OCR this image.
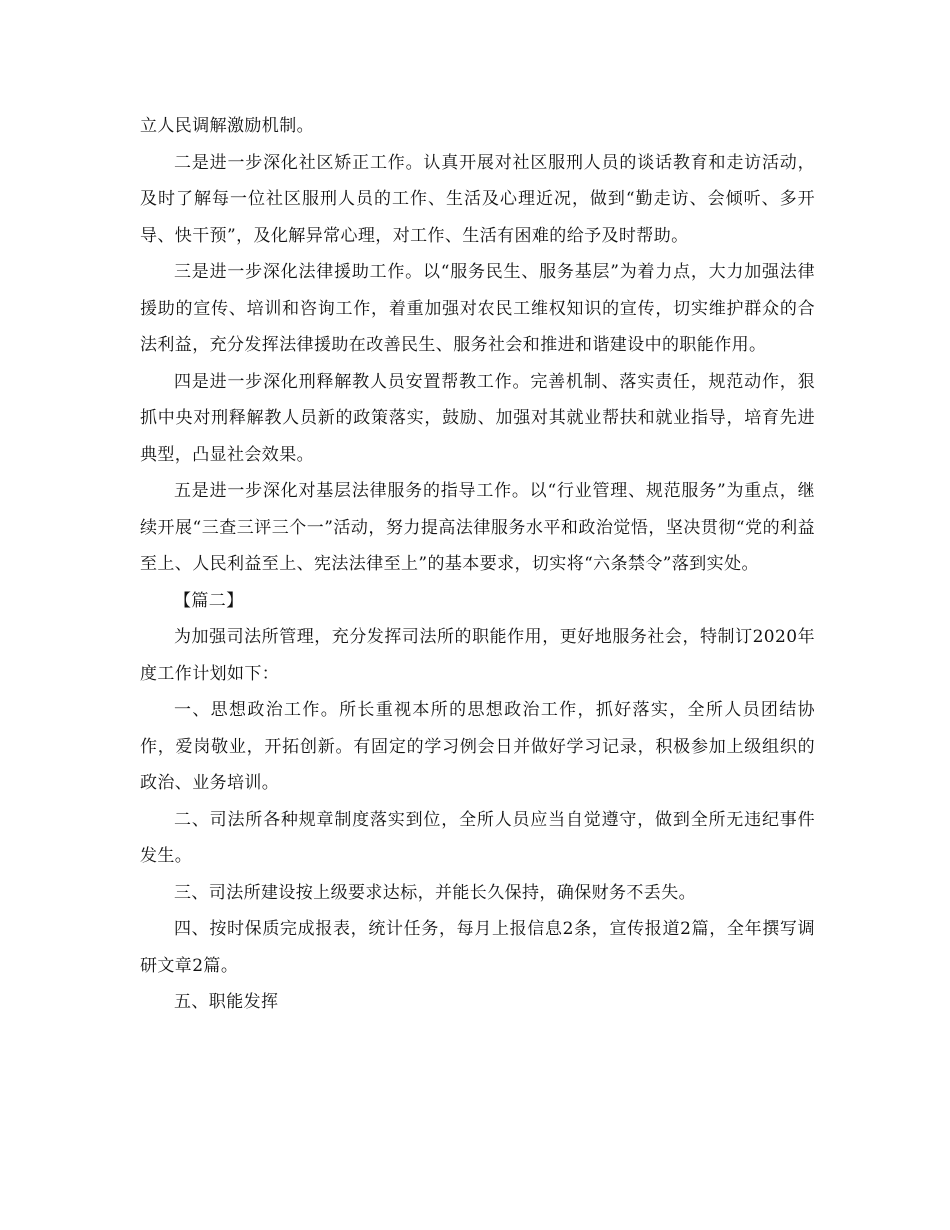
立人民调解激励机制。

二是进一步深化社区矫正工作。认真开展对社区服刑人员的谈话教育和走访活动，及时了解每一位社区服刑人员的工作、生活及心理近况，做到“勤走访、会倾听、多开导、快干预”，及化解异常心理，对工作、生活有困难的给予及时帮助。

三是进一步深化法律援助工作。以“服务民生、服务基层”为着力点，大力加强法律援助的宣传、培训和咨询工作，着重加强对农民工维权知识的宣传，切实维护群众的合法利益，充分发挥法律援助在改善民生、服务社会和推进和谐建设中的职能作用。

四是进一步深化刑释解教人员安置帮教工作。完善机制、落实责任，规范动作，狠抓中央对刑释解教人员新的政策落实，鼓励、加强对其就业帮扶和就业指导，培育先进典型，凸显社会效果。

五是进一步深化对基层法律服务的指导工作。以“行业管理、规范服务”为重点，继续开展“三查三评三个一”活动，努力提高法律服务水平和政治觉悟，坚决贯彻“党的利益至上、人民利益至上、宪法法律至上”的基本要求，切实将“六条禁令”落到实处。

【篇二】

为加强司法所管理，充分发挥司法所的职能作用，更好地服务社会，特制订2020年度工作计划如下：

一、思想政治工作。所长重视本所的思想政治工作，抓好落实，全所人员团结协作，爱岗敬业，开拓创新。有固定的学习例会日并做好学习记录，积极参加上级组织的政治、业务培训。

二、司法所各种规章制度落实到位，全所人员应当自觉遵守，做到全所无违纪事件发生。

三、司法所建设按上级要求达标，并能长久保持，确保财务不丢失。

四、按时保质完成报表，统计任务，每月上报信息2条，宣传报道2篇，全年撰写调研文章2篇。

五、职能发挥
